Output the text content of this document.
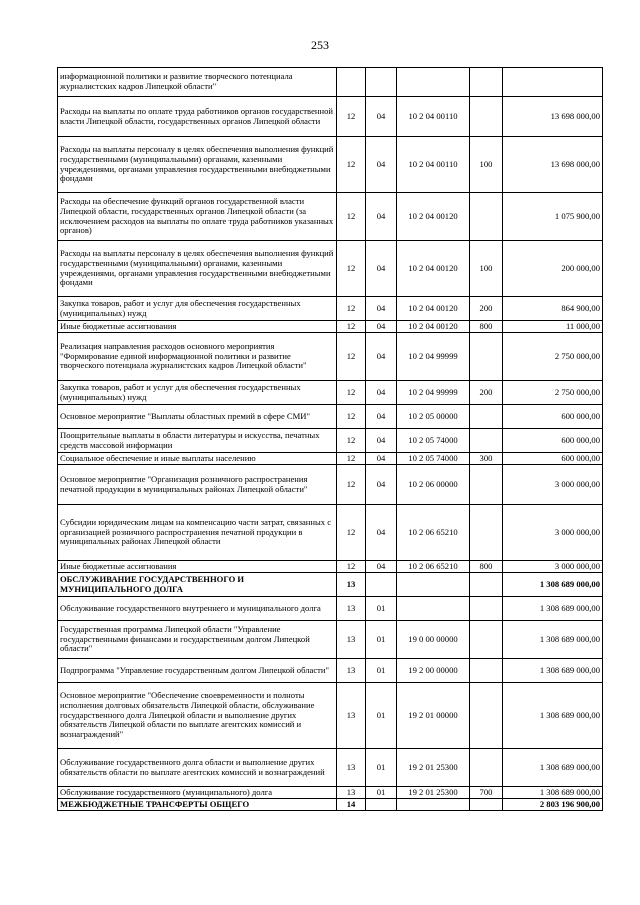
253
информационной политики и развитие творческого потенциала журналистских кадров Липецкой области"					
Расходы на выплаты по оплате труда работников органов государственной власти Липецкой области, государственных органов Липецкой области	12	04	10 2 04 00110		13 698 000,00
Расходы на выплаты персоналу в целях обеспечения выполнения функций государственными (муниципальными) органами, казенными учреждениями, органами управления государственными внебюджетными фондами	12	04	10 2 04 00110	100	13 698 000,00
Расходы на обеспечение функций органов государственной власти Липецкой области, государственных органов Липецкой области (за исключением расходов на выплаты по оплате труда работников указанных органов)	12	04	10 2 04 00120		1 075 900,00
Расходы на выплаты персоналу в целях обеспечения выполнения функций государственными (муниципальными) органами, казенными учреждениями, органами управления государственными внебюджетными фондами	12	04	10 2 04 00120	100	200 000,00
Закупка товаров, работ и услуг для обеспечения государственных (муниципальных) нужд	12	04	10 2 04 00120	200	864 900,00
Иные бюджетные ассигнования	12	04	10 2 04 00120	800	11 000,00
Реализация направления расходов основного мероприятия "Формирование единой информационной политики и развитие творческого потенциала журналистских кадров Липецкой области"	12	04	10 2 04 99999		2 750 000,00
Закупка товаров, работ и услуг для обеспечения государственных (муниципальных) нужд	12	04	10 2 04 99999	200	2 750 000,00
Основное мероприятие "Выплаты областных премий в сфере СМИ"	12	04	10 2 05 00000		600 000,00
Поощрительные выплаты в области литературы и искусства, печатных средств массовой информации	12	04	10 2 05 74000		600 000,00
Социальное обеспечение и иные выплаты населению	12	04	10 2 05 74000	300	600 000,00
Основное мероприятие "Организация розничного распространения печатной продукции в муниципальных районах Липецкой области"	12	04	10 2 06 00000		3 000 000,00
Субсидии юридическим лицам на компенсацию части затрат, связанных с организацией розничного распространения печатной продукции в муниципальных районах Липецкой области	12	04	10 2 06 65210		3 000 000,00
Иные бюджетные ассигнования	12	04	10 2 06 65210	800	3 000 000,00
ОБСЛУЖИВАНИЕ ГОСУДАРСТВЕННОГО И МУНИЦИПАЛЬНОГО ДОЛГА	13				1 308 689 000,00
Обслуживание государственного внутреннего и муниципального долга	13	01			1 308 689 000,00
Государственная программа Липецкой области "Управление государственными финансами и государственным долгом Липецкой области"	13	01	19 0 00 00000		1 308 689 000,00
Подпрограмма "Управление государственным долгом Липецкой области"	13	01	19 2 00 00000		1 308 689 000,00
Основное мероприятие "Обеспечение своевременности и полноты исполнения долговых обязательств Липецкой области, обслуживание государственного долга Липецкой области и выполнение других обязательств Липецкой области по выплате агентских комиссий и вознаграждений"	13	01	19 2 01 00000		1 308 689 000,00
Обслуживание государственного долга области и выполнение других обязательств области по выплате агентских комиссий и вознаграждений	13	01	19 2 01 25300		1 308 689 000,00
Обслуживание государственного (муниципального) долга	13	01	19 2 01 25300	700	1 308 689 000,00
МЕЖБЮДЖЕТНЫЕ ТРАНСФЕРТЫ ОБЩЕГО	14				2 803 196 900,00
